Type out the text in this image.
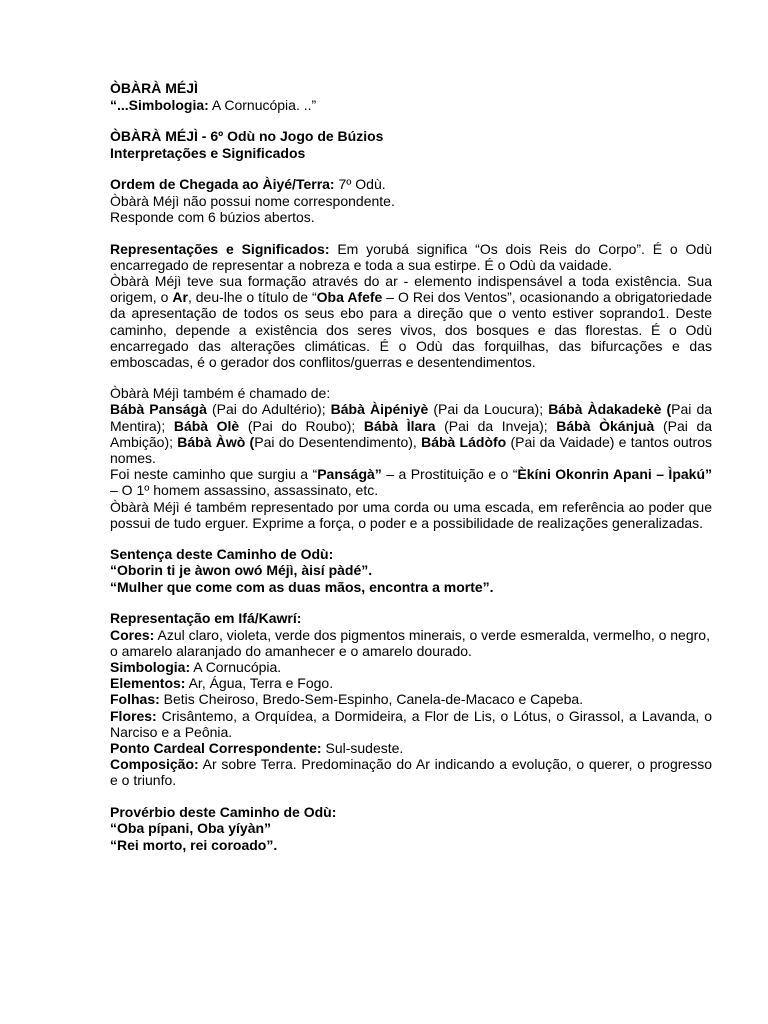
ÒBÀRÀ MÉJÌ
“...Simbologia: A Cornucópia. ..”
ÒBÀRÀ MÉJÌ - 6º Odù no Jogo de Búzios
Interpretações e Significados
Ordem de Chegada ao Àiyé/Terra: 7º Odù.
Òbàrà Méjì não possui nome correspondente.
Responde com 6 búzios abertos.
Representações e Significados: Em yorubá significa “Os dois Reis do Corpo”. É o Odù encarregado de representar a nobreza e toda a sua estirpe. É o Odù da vaidade.
Òbàrà Méjì teve sua formação através do ar - elemento indispensável a toda existência. Sua origem, o Ar, deu-lhe o título de “Oba Afefe – O Rei dos Ventos”, ocasionando a obrigatoriedade da apresentação de todos os seus ebo para a direção que o vento estiver soprando1. Deste caminho, depende a existência dos seres vivos, dos bosques e das florestas. É o Odù encarregado das alterações climáticas. É o Odù das forquilhas, das bifurcações e das emboscadas, é o gerador dos conflitos/guerras e desentendimentos.
Òbàrà Méjì também é chamado de:
Bábà Panságà (Pai do Adultério); Bábà Àipéniyè (Pai da Loucura); Bábà Àdakadekè (Pai da Mentira); Bábà Olè (Pai do Roubo); Bábà Ìlara (Pai da Inveja); Bábà Òkánjuà (Pai da Ambição); Bábà Àwò (Pai do Desentendimento), Bábà Ládòfo (Pai da Vaidade) e tantos outros nomes.
Foi neste caminho que surgiu a “Panságà” – a Prostituição e o “Èkíni Okonrin Apani – Ìpakú” – O 1º homem assassino, assassinato, etc.
Òbàrà Méjì é também representado por uma corda ou uma escada, em referência ao poder que possui de tudo erguer. Exprime a força, o poder e a possibilidade de realizações generalizadas.
Sentença deste Caminho de Odù:
“Oborin ti je àwon owó Méjì, àisí pàdé”.
“Mulher que come com as duas mãos, encontra a morte”.
Representação em Ifá/Kawrí:
Cores: Azul claro, violeta, verde dos pigmentos minerais, o verde esmeralda, vermelho, o negro, o amarelo alaranjado do amanhecer e o amarelo dourado.
Simbologia: A Cornucópia.
Elementos: Ar, Água, Terra e Fogo.
Folhas: Betis Cheiroso, Bredo-Sem-Espinho, Canela-de-Macaco e Capeba.
Flores: Crisântemo, a Orquídea, a Dormideira, a Flor de Lis, o Lótus, o Girassol, a Lavanda, o Narciso e a Peônia.
Ponto Cardeal Correspondente: Sul-sudeste.
Composição: Ar sobre Terra. Predominação do Ar indicando a evolução, o querer, o progresso e o triunfo.
Provérbio deste Caminho de Odù:
“Oba pípani, Oba yíyàn”
“Rei morto, rei coroado”.
